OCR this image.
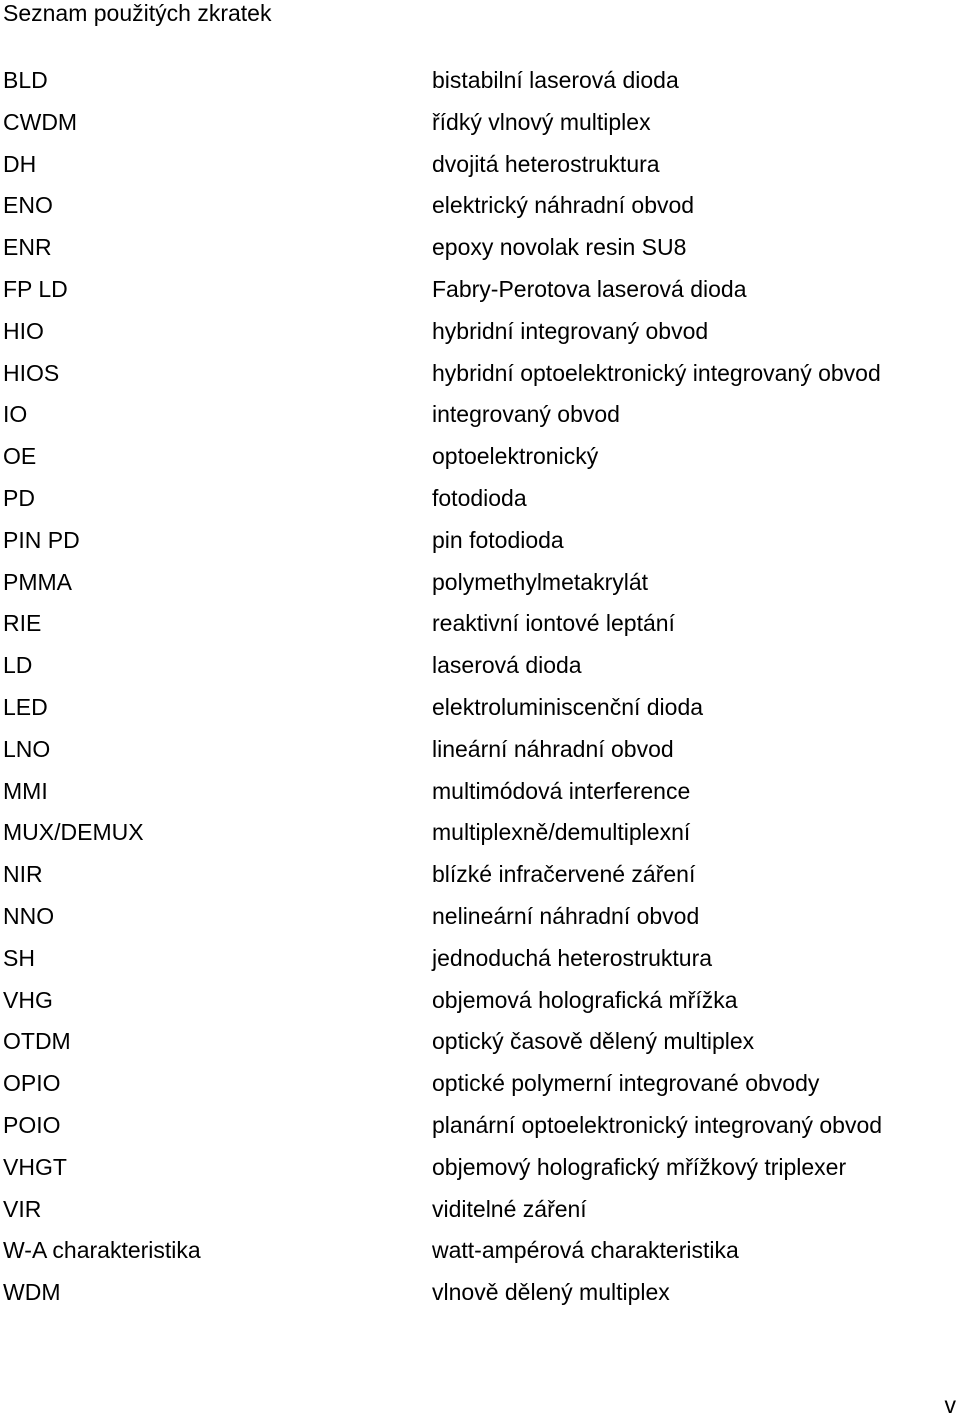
Seznam použitých zkratek
BLD	bistabilní laserová dioda
CWDM	řídký vlnový multiplex
DH	dvojitá heterostruktura
ENO	elektrický náhradní obvod
ENR	epoxy novolak resin SU8
FP LD	Fabry-Perotova laserová dioda
HIO	hybridní integrovaný obvod
HIOS	hybridní optoelektronický integrovaný obvod
IO	integrovaný obvod
OE	optoelektronický
PD	fotodioda
PIN PD	pin fotodioda
PMMA	polymethylmetakrylát
RIE	reaktivní iontové leptání
LD	laserová dioda
LED	elektroluminiscenční dioda
LNO	lineární náhradní obvod
MMI	multimódová interference
MUX/DEMUX	multiplexně/demultiplexní
NIR	blízké infračervené záření
NNO	nelineární náhradní obvod
SH	jednoduchá heterostruktura
VHG	objemová holografická mřížka
OTDM	optický časově dělený multiplex
OPIO	optické polymerní integrované obvody
POIO	planární optoelektronický integrovaný obvod
VHGT	objemový holografický mřížkový triplexer
VIR	viditelné záření
W-A charakteristika	watt-ampérová charakteristika
WDM	vlnově dělený multiplex
v
